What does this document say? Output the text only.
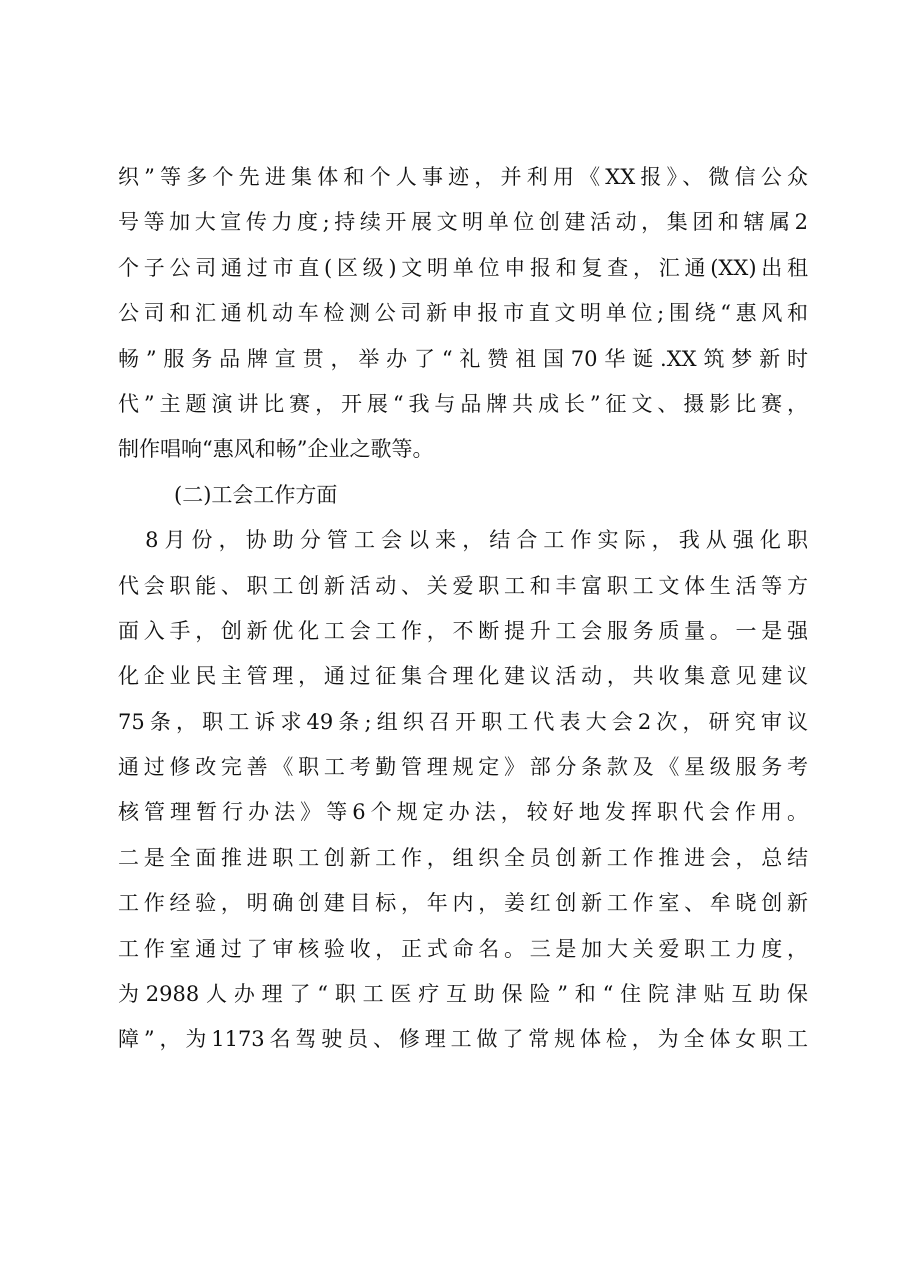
织”等多个先进集体和个人事迹，并利用《XX报》、微信公众
号等加大宣传力度;持续开展文明单位创建活动，集团和辖属2
个子公司通过市直(区级)文明单位申报和复查，汇通(XX)出租
公司和汇通机动车检测公司新申报市直文明单位;围绕“惠风和
畅”服务品牌宣贯，举办了“礼赞祖国70华诞.XX筑梦新时
代”主题演讲比赛，开展“我与品牌共成长”征文、摄影比赛，
制作唱响“惠风和畅”企业之歌等。
(二)工会工作方面
　8月份，协助分管工会以来，结合工作实际，我从强化职
代会职能、职工创新活动、关爱职工和丰富职工文体生活等方
面入手，创新优化工会工作，不断提升工会服务质量。一是强
化企业民主管理，通过征集合理化建议活动，共收集意见建议
75条，职工诉求49条;组织召开职工代表大会2次，研究审议
通过修改完善《职工考勤管理规定》部分条款及《星级服务考
核管理暂行办法》等6个规定办法，较好地发挥职代会作用。
二是全面推进职工创新工作，组织全员创新工作推进会，总结
工作经验，明确创建目标，年内，姜红创新工作室、牟晓创新
工作室通过了审核验收，正式命名。三是加大关爱职工力度，
为2988人办理了“职工医疗互助保险”和“住院津贴互助保
障”，为1173名驾驶员、修理工做了常规体检，为全体女职工
